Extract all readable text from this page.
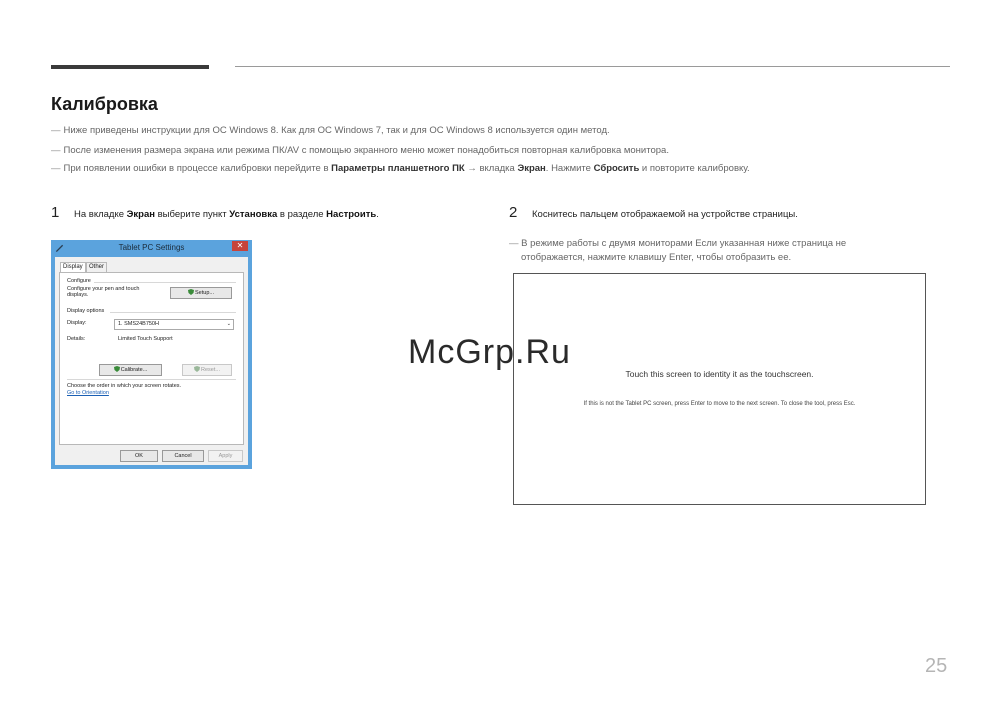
Калибровка
― Ниже приведены инструкции для ОС Windows 8. Как для ОС Windows 7, так и для ОС Windows 8 используется один метод.
― После изменения размера экрана или режима ПК/AV с помощью экранного меню может понадобиться повторная калибровка монитора.
― При появлении ошибки в процессе калибровки перейдите в Параметры планшетного ПК → вкладка Экран. Нажмите Сбросить и повторите калибровку.
1 На вкладке Экран выберите пункт Установка в разделе Настроить.	2 Коснитесь пальцем отображаемой на устройстве страницы.
― В режиме работы с двумя мониторами Если указанная ниже страница не
отображается, нажмите клавишу Enter, чтобы отобразить ее.
Tablet PC Settings	✕
Display	Other
Configure
Configure your pen and touch
displays.	Setup...
Display options
Display:	1. SMS24B750H	⌄
Details:	Limited Touch Support
Calibrate...	Reset...
Choose the order in which your screen rotates.
Go to Orientation
OK	Cancel	Apply
Touch this screen to identity it as the touchscreen.
If this is not the Tablet PC screen, press Enter to move to the next screen. To close the tool, press Esc.
McGrp.Ru
25
